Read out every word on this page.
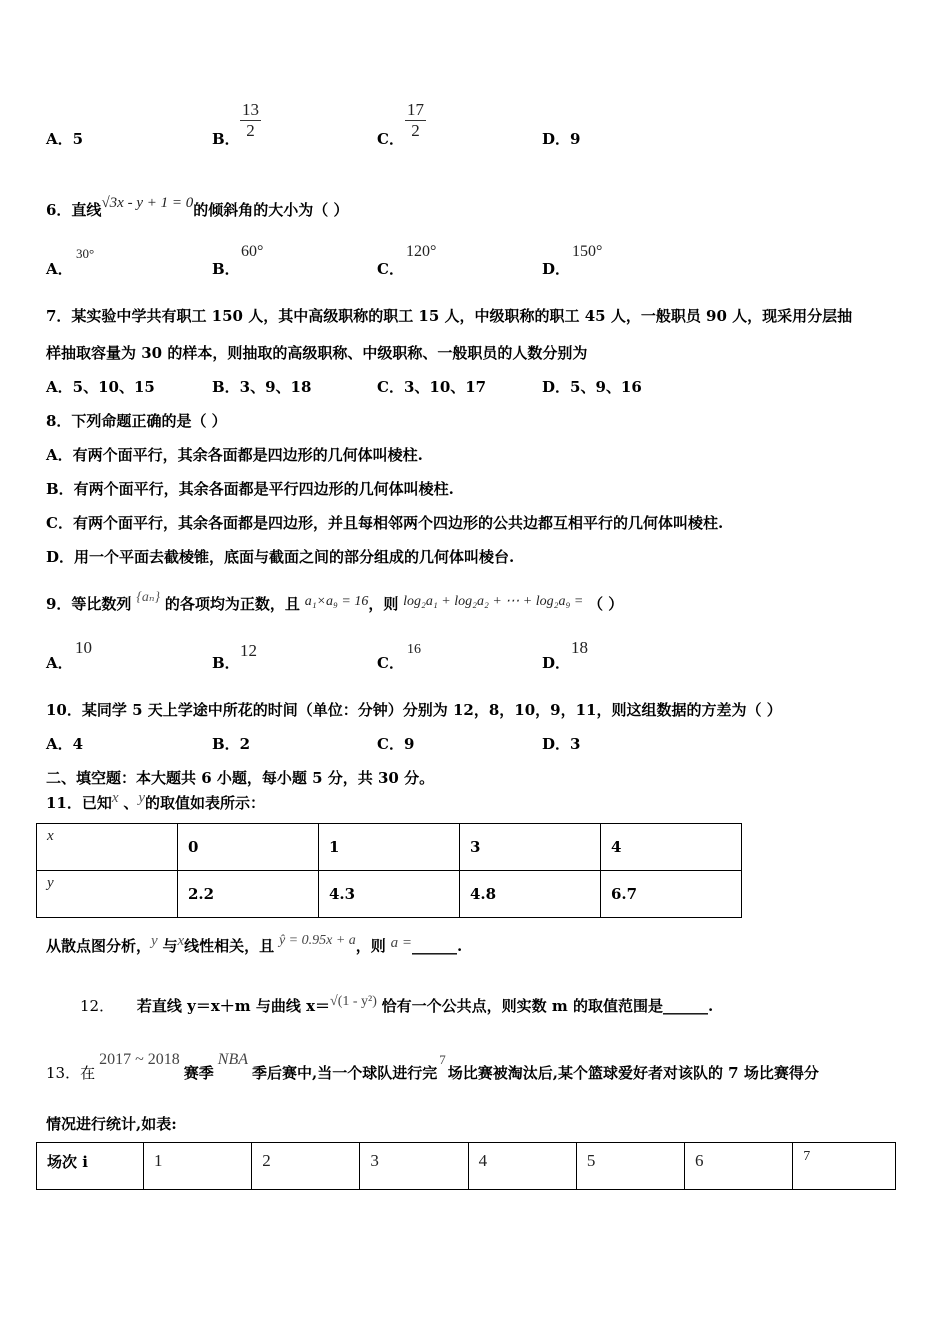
A．5	B． $\frac{13}{2}$	C． $\frac{17}{2}$	D．9
6．直线√3x - y + 1 = 0的倾斜角的大小为（ ）
A．
30°
B．
60°
C．
120°
D．
150°
7．某实验中学共有职工 150 人，其中高级职称的职工 15 人，中级职称的职工 45 人，一般职员 90 人，现采用分层抽
样抽取容量为 30 的样本，则抽取的高级职称、中级职称、一般职员的人数分别为
A．5、10、15	B．3、9、18	C．3、10、17	D．5、9、16
8．下列命题正确的是（ ）
A．有两个面平行，其余各面都是四边形的几何体叫棱柱.
B．有两个面平行，其余各面都是平行四边形的几何体叫棱柱.
C．有两个面平行，其余各面都是四边形，并且每相邻两个四边形的公共边都互相平行的几何体叫棱柱.
D．用一个平面去截棱锥，底面与截面之间的部分组成的几何体叫棱台.
9．等比数列 {aₙ} 的各项均为正数，且 a₁×a₉ = 16，则 log₂a₁ + log₂a₂ + ⋯ + log₂a₉ = （ ）
A．
10
B．
12
C．
16
D．
18
10．某同学 5 天上学途中所花的时间（单位：分钟）分别为 12，8，10，9，11，则这组数据的方差为（ ）
A．4	B．2	C．9	D．3
二、填空题：本大题共 6 小题，每小题 5 分，共 30 分。
11．已知x 、y的取值如表所示：
x	0	1	3	4
y	2.2	4.3	4.8	6.7
从散点图分析，y 与x线性相关，且 ŷ = 0.95x + a，则 a =______.
12． 若直线 y＝x＋m 与曲线 x＝√(1 - y²) 恰有一个公共点，则实数 m 的取值范围是______.
13．在2017 ~ 2018赛季NBA季后赛中,当一个球队进行完7场比赛被淘汰后,某个篮球爱好者对该队的 7 场比赛得分
情况进行统计,如表:
场次 i	1	2	3	4	5	6	7
